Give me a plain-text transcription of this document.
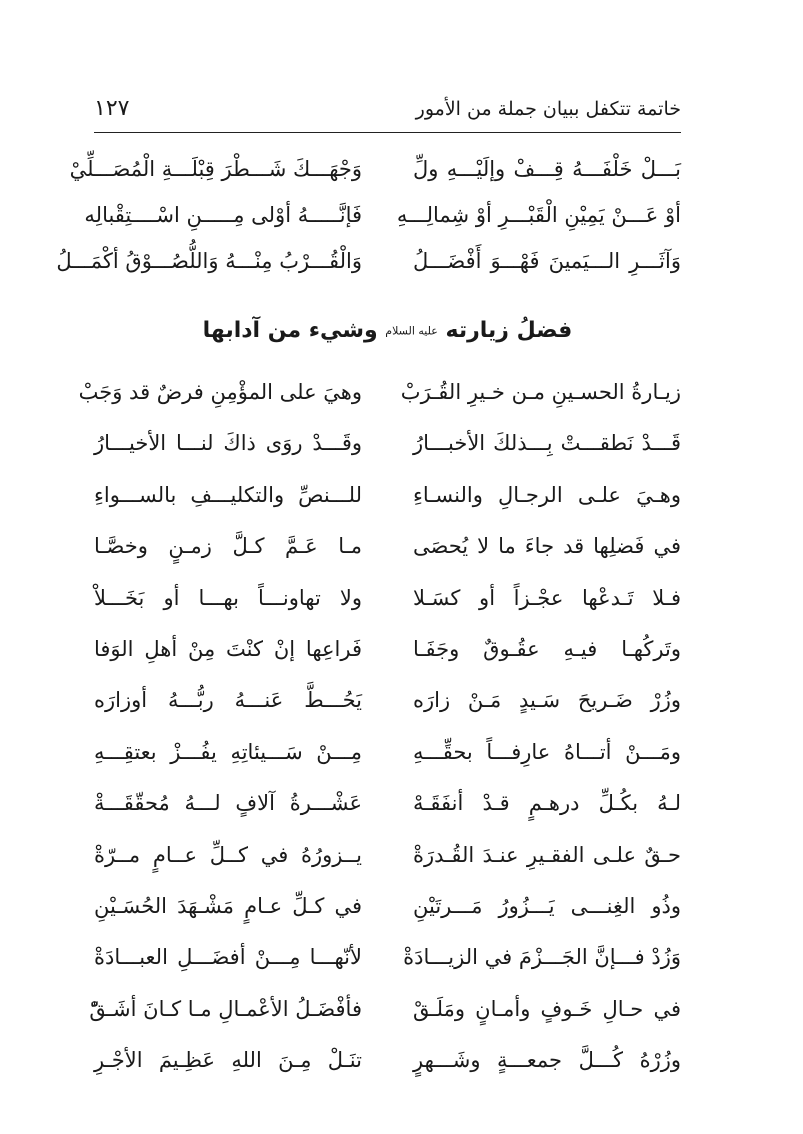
خاتمة تتكفل ببيان جملة من الأمور
١٢٧
بَـــلْ خَلْفَـــهُ قِـــفْ وإلَيْـــهِ ولِّ
وَجْهَـــكَ شَـــطْرَ قِبْلَـــةِ الْمُصَـــلِّيْ
أوْ عَـــنْ يَمِيْنِ الْقَبْـــرِ أوْ شِمالِـــهِ
فَإنَّـــــهُ أوْلى مِـــــنِ اسْــــتِقْبالِه
وَآثَـــرِ الـــيَمينَ فَهْـــوَ أَفْضَـــلُ
وَالْقُـــرْبُ مِنْـــهُ وَاللُّصُـــوْقُ أكْمَـــلُ
فضلُ زيارته عليه السلام وشيء من آدابها
زيـارةُ الحسـينِ مـن خـيرِ القُـرَبْ
وهيَ على المؤْمِنِ فرضٌ قد وَجَبْ
قَـــدْ نَطقـــتْ بِـــذلكَ الأخبـــارُ
وقَـــدْ روَى ذاكَ لنـــا الأخيـــارُ
وهـيَ علـى الرجـالِ والنسـاءِ
للـــنصِّ والتكليـــفِ بالســـواءِ
في فَضلِها قد جاءَ ما لا يُحصَى
مـا عَـمَّ كـلَّ زمـنٍ وخصَّـا
فـلا تَـدعْها عجْـزاً أو كسَـلا
ولا تهاونـــاً بهـــا أو بَخَـــلاْ
وتَركُهـا فيـهِ عقُـوقٌ وجَفَـا
فَراعِها إنْ كنْتَ مِنْ أهلِ الوَفا
وزُرْ ضَـريحَ سَـيدٍ مَـنْ زارَه
يَحُـــطَّ عَنـــهُ ربُّـــهُ أوزارَه
ومَـــنْ أتـــاهُ عارِفـــاً بحقِّـــهِ
مِـــنْ سَـــيئاتِهِ يفُـــزْ بعتقِـــهِ
لـهُ بكُـلِّ درهـمٍ قـدْ أنفَقَـهْ
عَشْـــرةُ آلافٍ لـــهُ مُحقّقَـــةْ
حـقٌ علـى الفقـيرِ عنـدَ القُـدرَةْ
يــزورُهُ في كــلِّ عــامٍ مــرّةْ
وذُو الغِنـــى يَـــزُورُ مَـــرتَيْنِ
في كـلِّ عـامٍ مَشْـهَدَ الحُسَـيْنِ
وَزُدْ فـــإنَّ الجَـــزْمَ في الزيـــادَةْ
لأنّهـــا مِـــنْ أفضَـــلِ العبـــادَةْ
في حـالِ خَـوفٍ وأمـانٍ ومَلَـقْ
فأفْضَـلُ الأعْمـالِ مـا كـانَ أشَـقّْ
وزُرْهُ كُـــلَّ جمعـــةٍ وشَـــهرٍ
تنَـلْ مِـنَ اللهِ عَظِـيمَ الأجْـرِ
